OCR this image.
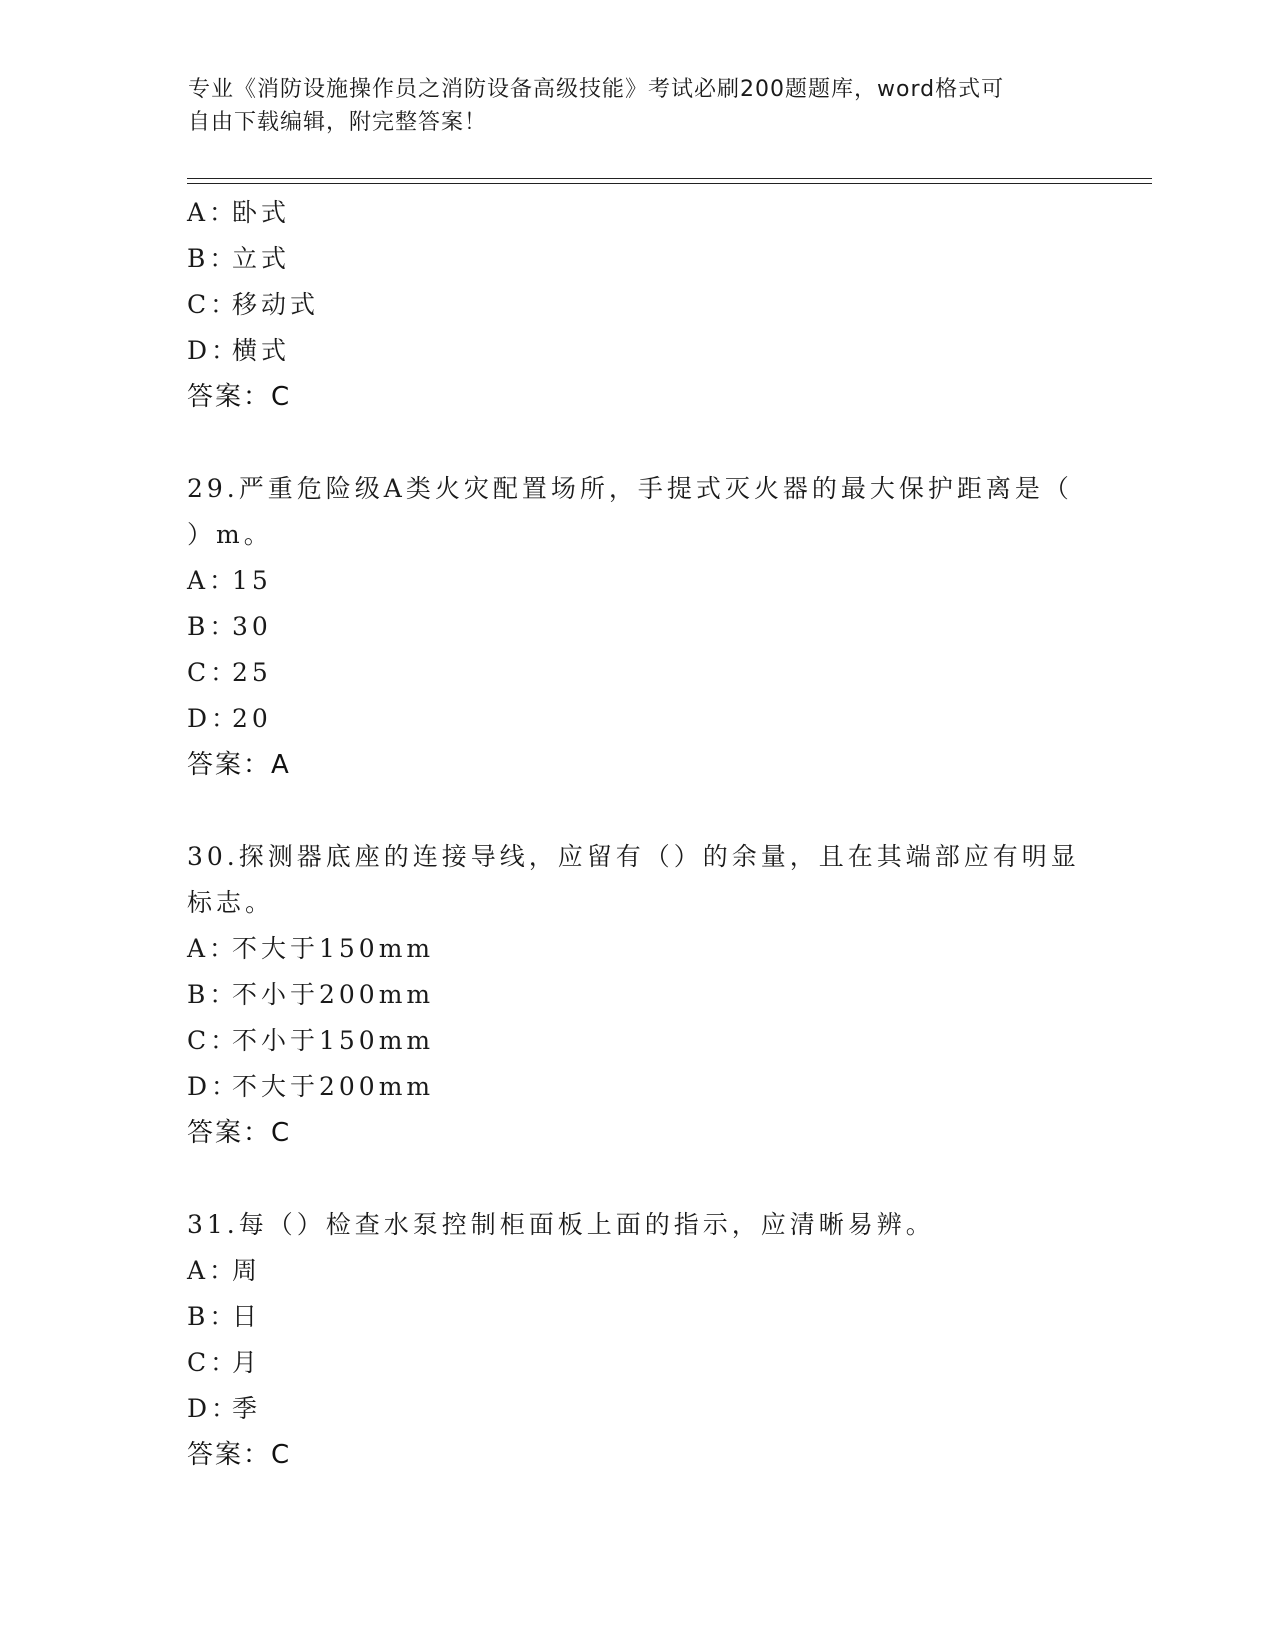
专业《消防设施操作员之消防设备高级技能》考试必刷200题题库，word格式可
自由下载编辑，附完整答案！
A：卧式
B：立式
C：移动式
D：横式
答案：C
29.严重危险级A类火灾配置场所，手提式灭火器的最大保护距离是（
）m。
A：15
B：30
C：25
D：20
答案：A
30.探测器底座的连接导线，应留有（）的余量，且在其端部应有明显
标志。
A：不大于150mm
B：不小于200mm
C：不小于150mm
D：不大于200mm
答案：C
31.每（）检查水泵控制柜面板上面的指示，应清晰易辨。
A：周
B：日
C：月
D：季
答案：C
